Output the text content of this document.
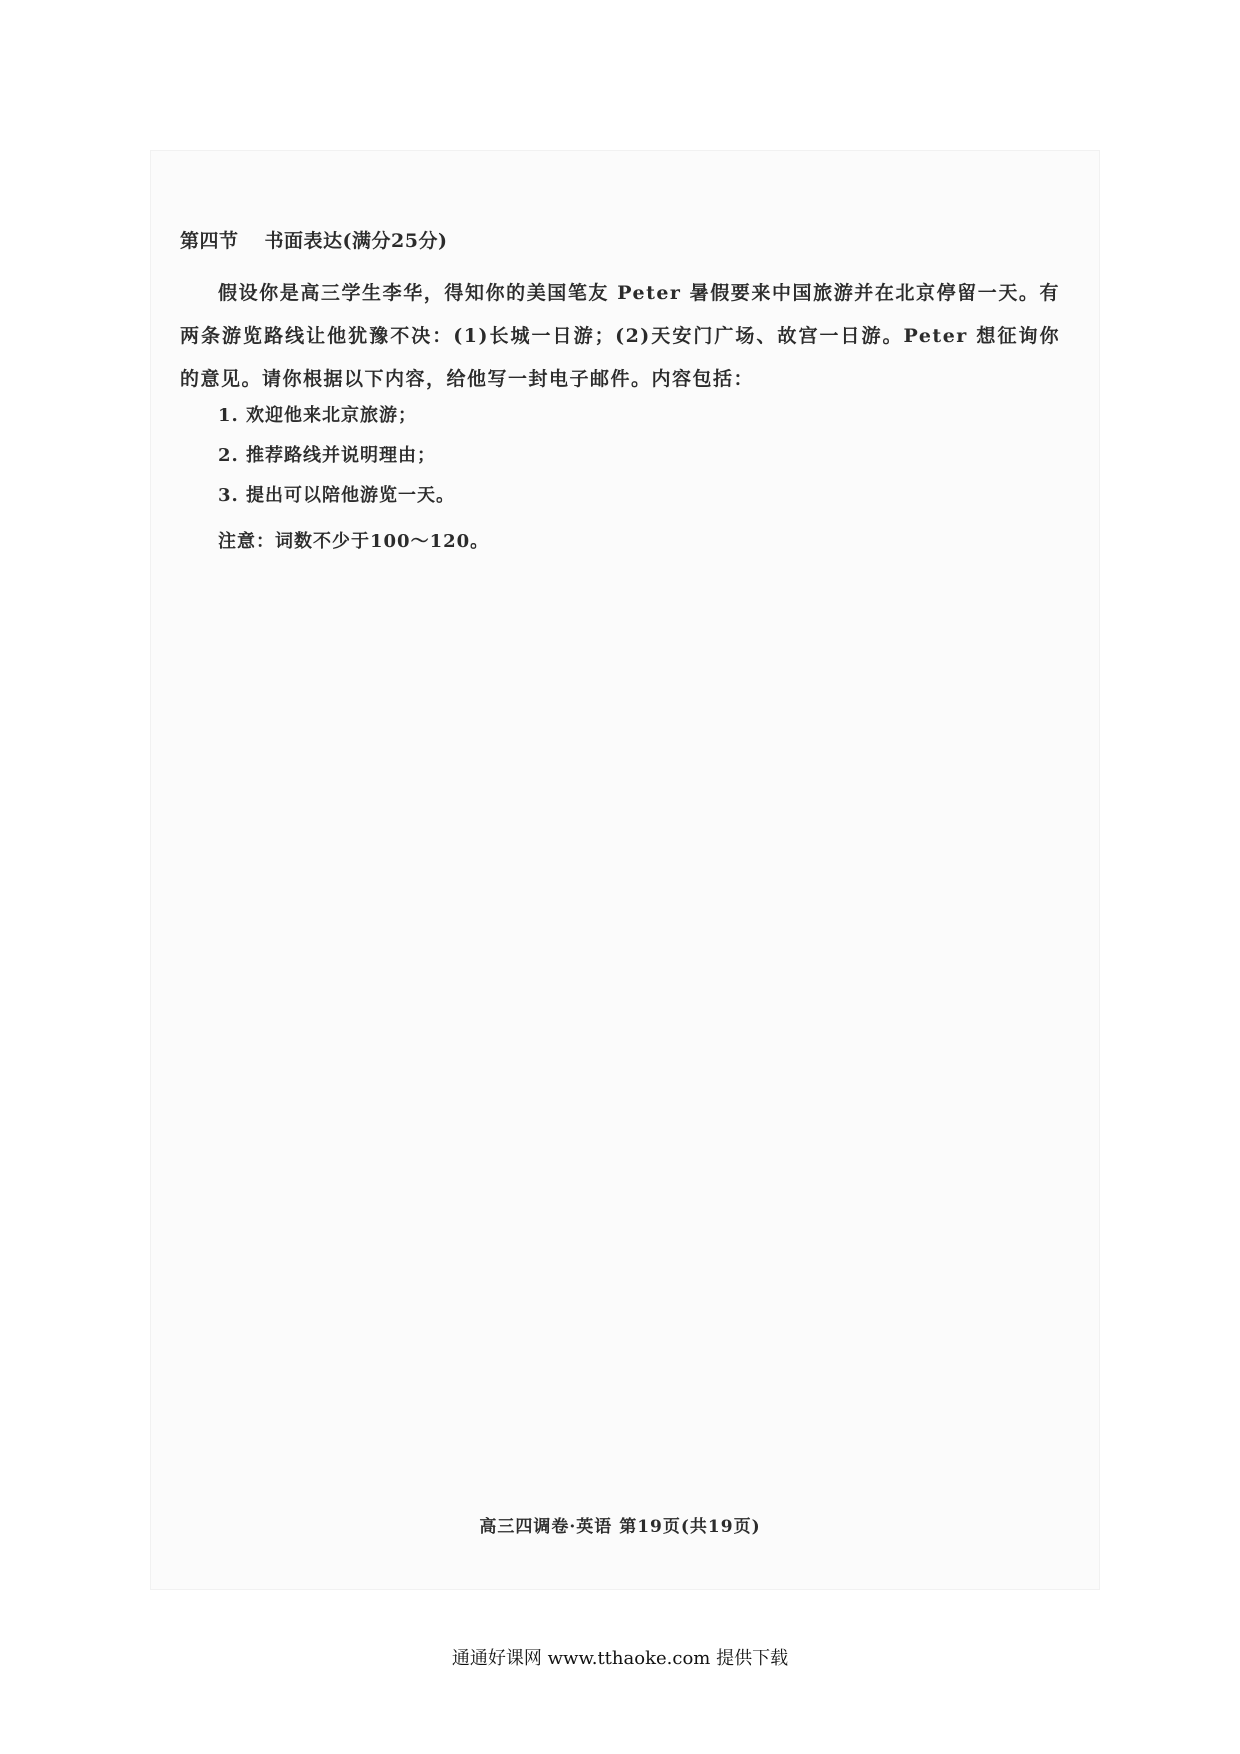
第四节 书面表达(满分25分)
假设你是高三学生李华，得知你的美国笔友 Peter 暑假要来中国旅游并在北京停留一天。有两条游览路线让他犹豫不决：(1)长城一日游；(2)天安门广场、故宫一日游。Peter 想征询你的意见。请你根据以下内容，给他写一封电子邮件。内容包括：
1. 欢迎他来北京旅游；
2. 推荐路线并说明理由；
3. 提出可以陪他游览一天。
注意：词数不少于100～120。
高三四调卷·英语 第19页(共19页)
通通好课网 www.tthaoke.com 提供下载
